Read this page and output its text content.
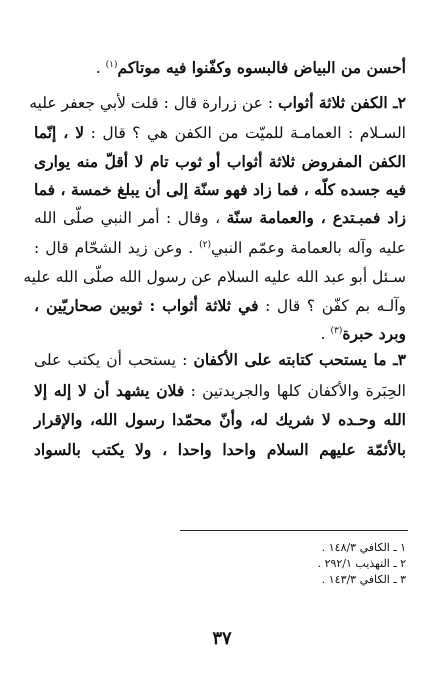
أحسن من البياض فالبسوه وكفّنوا فيه موتاكم$^{(١)}$ .
٢ـ الكفن ثلاثة أثواب : عن زرارة قال : قلت لأبي جعفر عليه
السـلام : العمامـة للميّت من الكفن هي ؟ قال : لا ، إنّما
الكفن المفروض ثلاثة أثواب أو ثوب تام لا أقلّ منه يوارى
فيه جسده كلّه ، فما زاد فهو سنّة إلى أن يبلغ خمسة ، فما
زاد فمبـتدع ، والعمامة سنّة ، وقال : أمر النبي صلّى الله
عليه وآله بالعمامة وعمّم النبي$^{(٢)}$ . وعن زيد الشحّام قال :
سـئل أبو عبد الله عليه السلام عن رسول الله صلّى الله عليه
وآلـه بم كفّن ؟ قال : في ثلاثة أثواب : ثوبين صحاريّين ،
وبرد حبرة$^{(٣)}$ .
٣ـ ما يستحب كتابته على الأكفان : يستحب أن يكتب على
الحِبَرة والأكفان كلها والجريدتين : فلان يشهد أن لا إله إلا
الله وحـده لا شريك له، وأنّ محمّدا رسول الله، والإقرار
بالأئمّة عليهم السلام واحدا واحدا ، ولا يكتب بالسواد
١ ـ الكافي ١٤٨/٣ .
٢ ـ التهذيب ٢٩٢/١ .
٣ ـ الكافي ١٤٣/٣ .
٣٧
